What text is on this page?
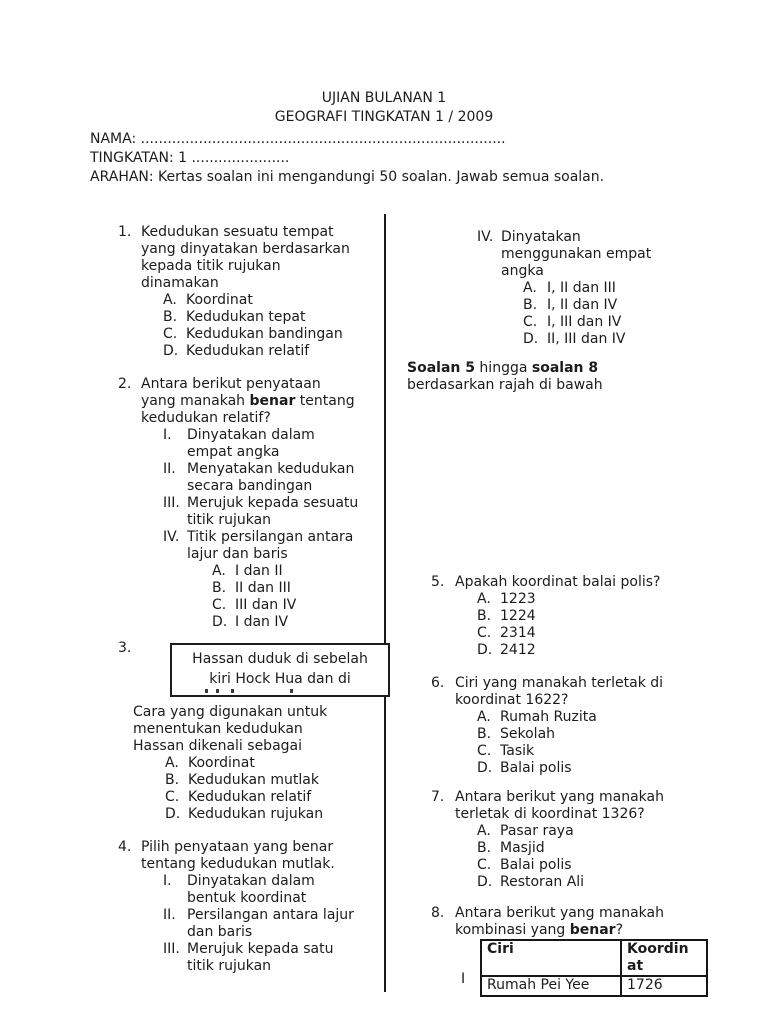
UJIAN BULANAN 1
GEOGRAFI TINGKATAN 1 / 2009
NAMA: ..................................................................................
TINGKATAN: 1 ......................
ARAHAN: Kertas soalan ini mengandungi 50 soalan. Jawab semua soalan.
1. Kedudukan sesuatu tempat
yang dinyatakan berdasarkan
kepada titik rujukan
dinamakan
A. Koordinat
B. Kedudukan tepat
C. Kedudukan bandingan
D. Kedudukan relatif
2. Antara berikut penyataan
yang manakah benar tentang
kedudukan relatif?
I.	Dinyatakan dalam
empat angka
II. Menyatakan kedudukan
secara bandingan
III. Merujuk kepada sesuatu
titik rujukan
IV. Titik persilangan antara
lajur dan baris
A. I dan II
B. II dan III
C. III dan IV
D. I dan IV
3.
Hassan duduk di sebelah
kiri Hock Hua dan di
Cara yang digunakan untuk
menentukan kedudukan
Hassan dikenali sebagai
A. Koordinat
B. Kedudukan mutlak
C. Kedudukan relatif
D. Kedudukan rujukan
4. Pilih penyataan yang benar
tentang kedudukan mutlak.
I.	Dinyatakan dalam
bentuk koordinat
II. Persilangan antara lajur
dan baris
III. Merujuk kepada satu
titik rujukan
IV. Dinyatakan
menggunakan empat
angka
A. I, II dan III
B. I, II dan IV
C. I, III dan IV
D. II, III dan IV
Soalan 5 hingga soalan 8
berdasarkan rajah di bawah
5. Apakah koordinat balai polis?
A. 1223
B. 1224
C. 2314
D. 2412
6. Ciri yang manakah terletak di
koordinat 1622?
A. Rumah Ruzita
B. Sekolah
C. Tasik
D. Balai polis
7. Antara berikut yang manakah
terletak di koordinat 1326?
A. Pasar raya
B. Masjid
C. Balai polis
D. Restoran Ali
8. Antara berikut yang manakah
kombinasi yang benar?
I
Ciri	Koordin
at

Rumah Pei Yee	1726
